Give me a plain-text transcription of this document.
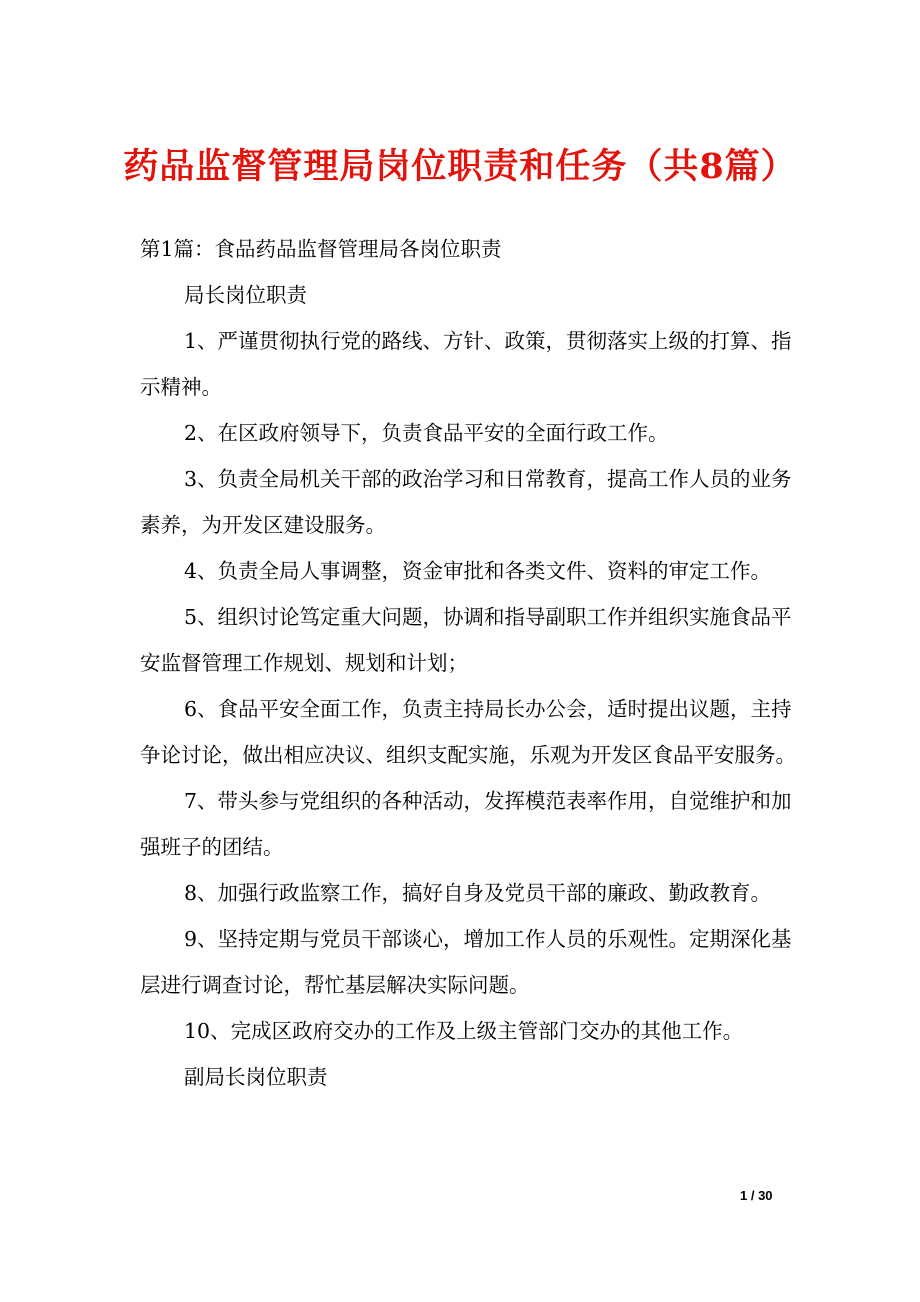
药品监督管理局岗位职责和任务（共8篇）

第1篇：食品药品监督管理局各岗位职责

局长岗位职责

1、严谨贯彻执行党的路线、方针、政策，贯彻落实上级的打算、指示精神。

2、在区政府领导下，负责食品平安的全面行政工作。

3、负责全局机关干部的政治学习和日常教育，提高工作人员的业务素养，为开发区建设服务。

4、负责全局人事调整，资金审批和各类文件、资料的审定工作。

5、组织讨论笃定重大问题，协调和指导副职工作并组织实施食品平安监督管理工作规划、规划和计划；

6、食品平安全面工作，负责主持局长办公会，适时提出议题，主持争论讨论，做出相应决议、组织支配实施，乐观为开发区食品平安服务。

7、带头参与党组织的各种活动，发挥模范表率作用，自觉维护和加强班子的团结。

8、加强行政监察工作，搞好自身及党员干部的廉政、勤政教育。

9、坚持定期与党员干部谈心，增加工作人员的乐观性。定期深化基层进行调查讨论，帮忙基层解决实际问题。

10、完成区政府交办的工作及上级主管部门交办的其他工作。

副局长岗位职责

1 / 30
